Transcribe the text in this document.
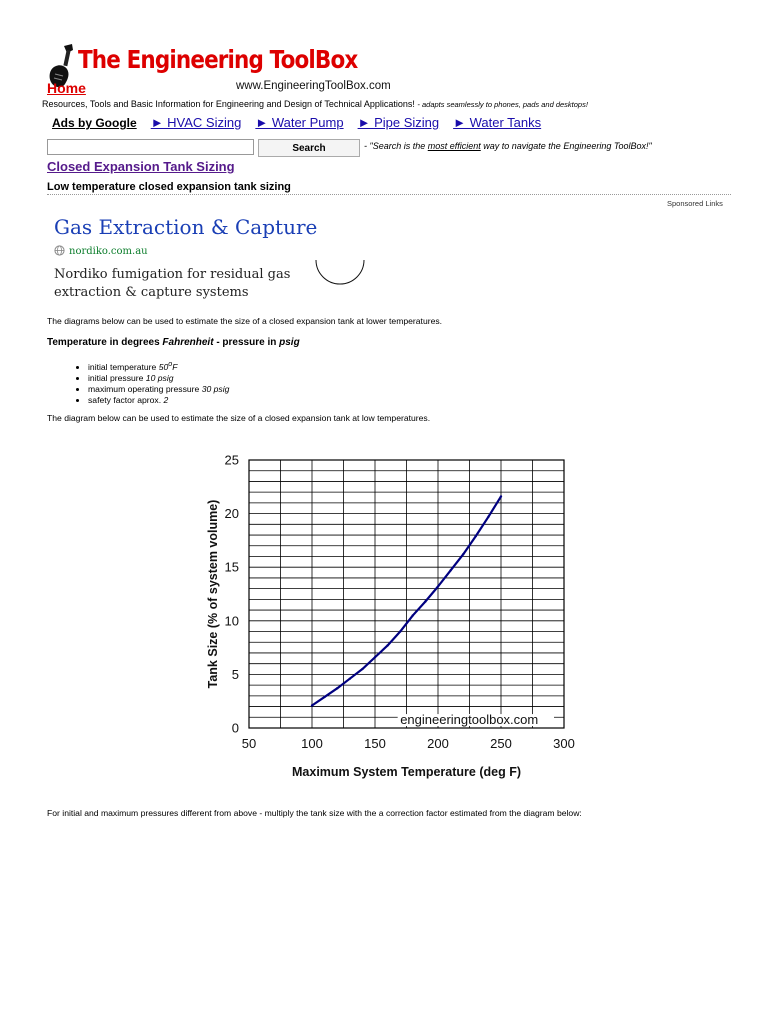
The Engineering ToolBox
Home	www.EngineeringToolBox.com
Resources, Tools and Basic Information for Engineering and Design of Technical Applications! - adapts seamlessly to phones, pads and desktops!
Ads by Google ► HVAC Sizing ► Water Pump ► Pipe Sizing ► Water Tanks
Search	- "Search is the most efficient way to navigate the Engineering ToolBox!"
Closed Expansion Tank Sizing
Low temperature closed expansion tank sizing
Sponsored Links
Gas Extraction & Capture
nordiko.com.au
Nordiko fumigation for residual gas extraction & capture systems
The diagrams below can be used to estimate the size of a closed expansion tank at lower temperatures.
Temperature in degrees Fahrenheit - pressure in psig
• initial temperature 50$^o$F
• initial pressure 10 psig
• maximum operating pressure 30 psig
• safety factor aprox. 2
The diagram below can be used to estimate the size of a closed expansion tank at low temperatures.
0
5
10
15
20
25
50	100	150	200	250	300
engineeringtoolbox.com
Maximum System Temperature (deg F)
Tank Size (% of system volume)
For initial and maximum pressures different from above - multiply the tank size with the a correction factor estimated from the diagram below:
